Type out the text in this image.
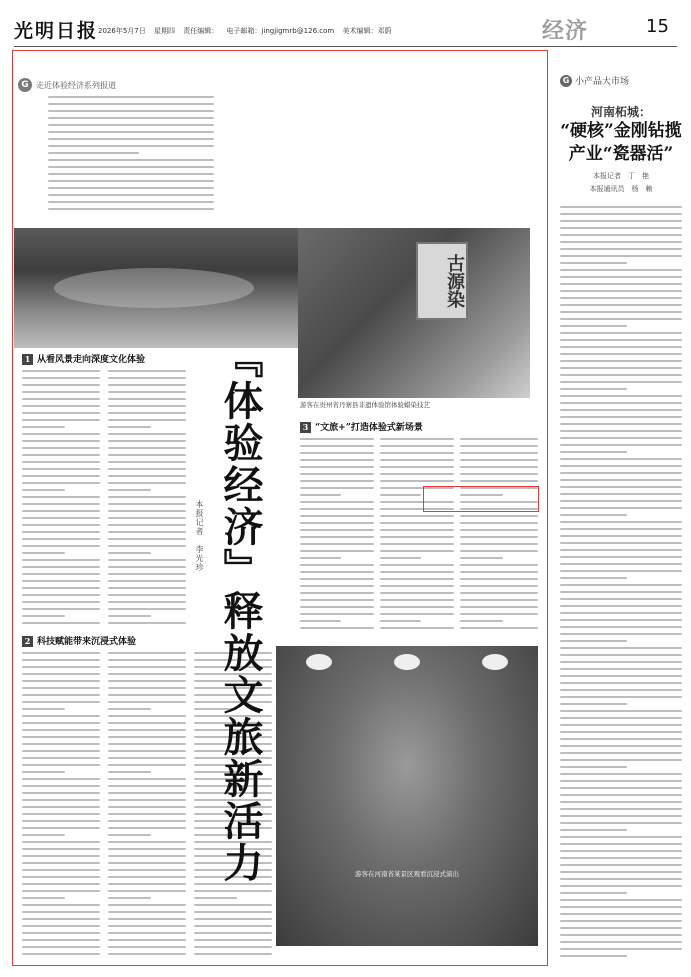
光明日报 2026年5月7日 星期四 责任编辑： 电子邮箱：jingjigmrb@126.com 美术编辑：邓蔚	经济	15
G 走近体验经济系列报道
1 从看风景走向深度文化体验
2 科技赋能带来沉浸式体验 『体验经济』释放文旅新活力
本报记者　李光珍
古源染
游客在贵州省丹寨县非遗体验馆体验蜡染技艺
3 “文旅+”打造体验式新场景
游客在河南省某景区观看沉浸式演出
G 小产品大市场
河南柘城：
“硬核”金刚钻揽产业“瓷器活”
本报记者　丁　艳
本报通讯员　杨　赖
